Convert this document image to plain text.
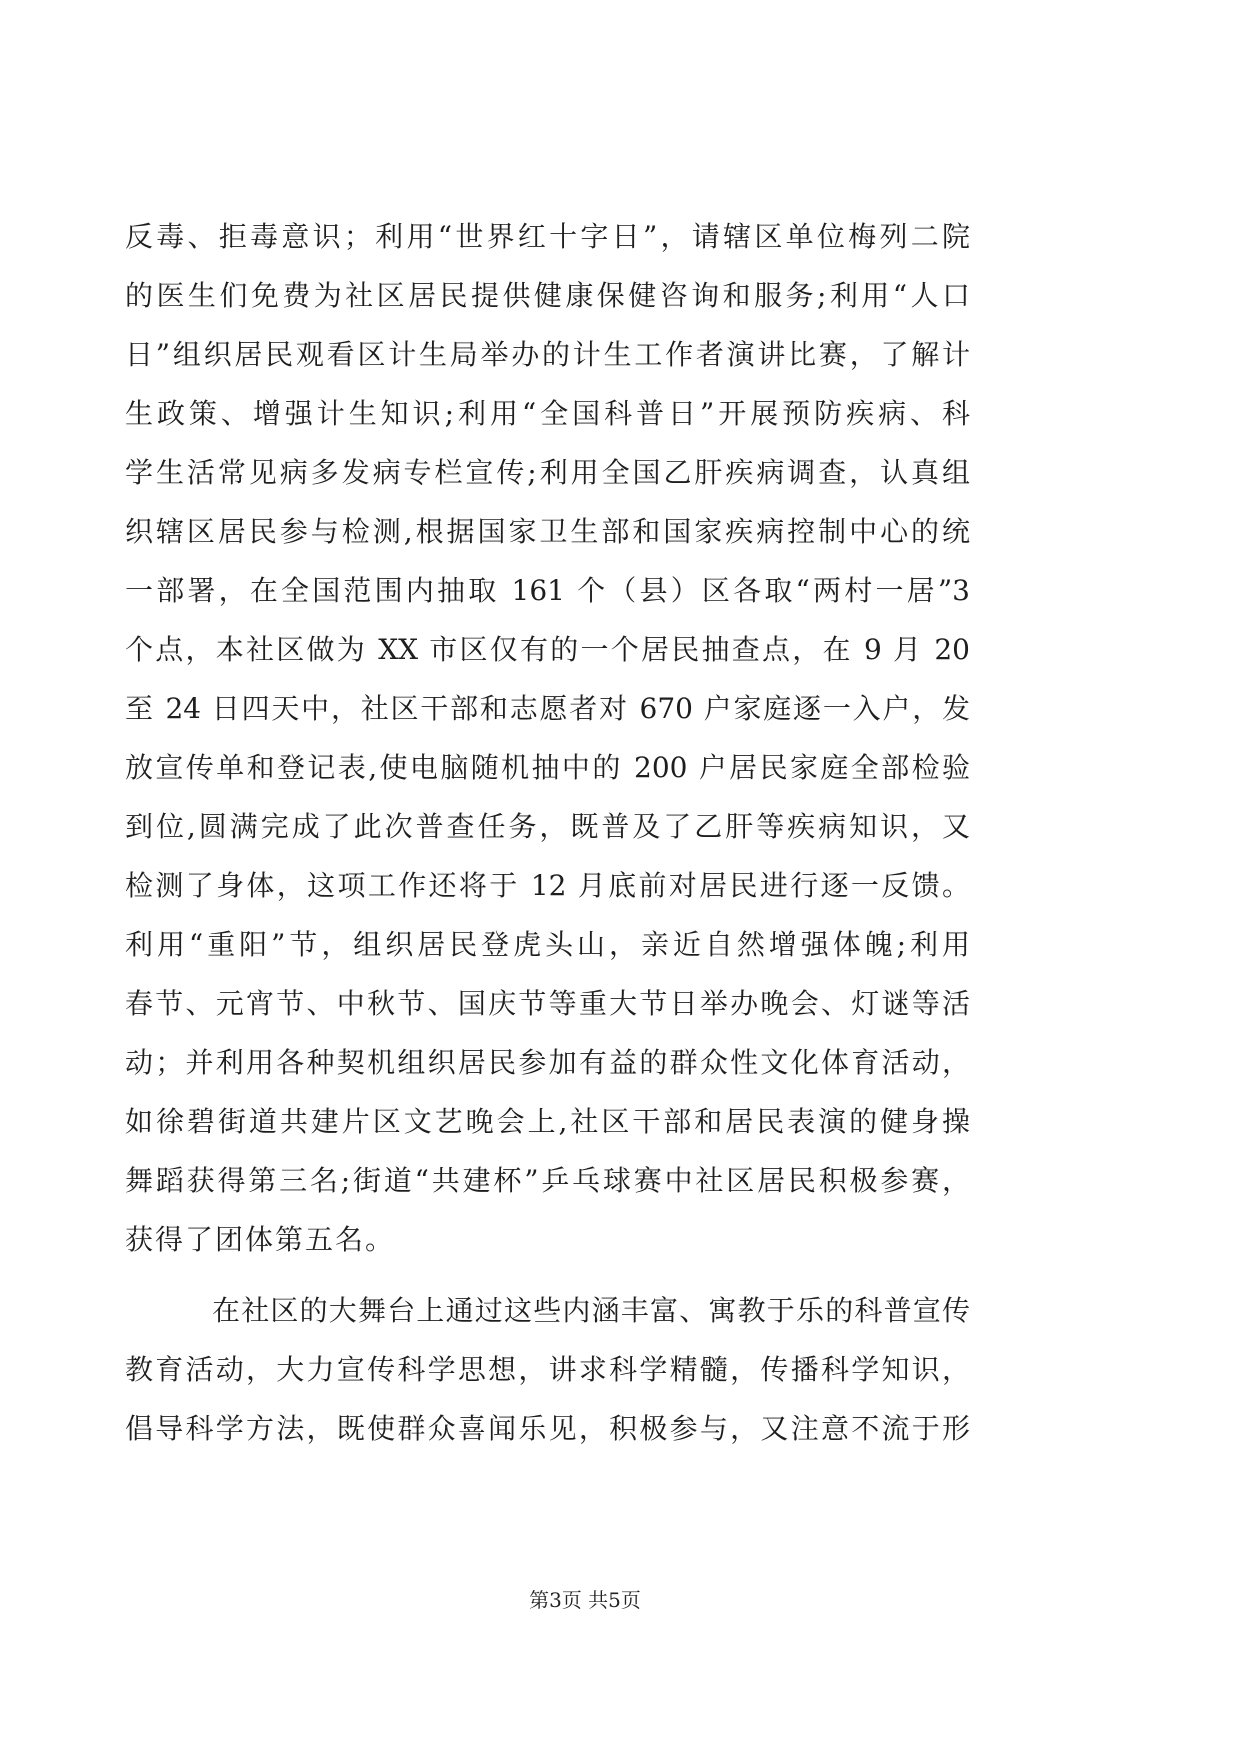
反毒、拒毒意识；利用“世界红十字日”，请辖区单位梅列二院
的医生们免费为社区居民提供健康保健咨询和服务;利用“人口
日”组织居民观看区计生局举办的计生工作者演讲比赛，了解计
生政策、增强计生知识;利用“全国科普日”开展预防疾病、科
学生活常见病多发病专栏宣传;利用全国乙肝疾病调查，认真组
织辖区居民参与检测,根据国家卫生部和国家疾病控制中心的统
一部署，在全国范围内抽取 161 个（县）区各取“两村一居”3
个点，本社区做为 XX 市区仅有的一个居民抽查点，在 9 月 20
至 24 日四天中，社区干部和志愿者对 670 户家庭逐一入户，发
放宣传单和登记表,使电脑随机抽中的 200 户居民家庭全部检验
到位,圆满完成了此次普查任务，既普及了乙肝等疾病知识，又
检测了身体，这项工作还将于 12 月底前对居民进行逐一反馈。
利用“重阳”节，组织居民登虎头山，亲近自然增强体魄;利用
春节、元宵节、中秋节、国庆节等重大节日举办晚会、灯谜等活
动；并利用各种契机组织居民参加有益的群众性文化体育活动，
如徐碧街道共建片区文艺晚会上,社区干部和居民表演的健身操
舞蹈获得第三名;街道“共建杯”乒乓球赛中社区居民积极参赛，
获得了团体第五名。
在社区的大舞台上通过这些内涵丰富、寓教于乐的科普宣传
教育活动，大力宣传科学思想，讲求科学精髓，传播科学知识，
倡导科学方法，既使群众喜闻乐见，积极参与，又注意不流于形
第3页 共5页
